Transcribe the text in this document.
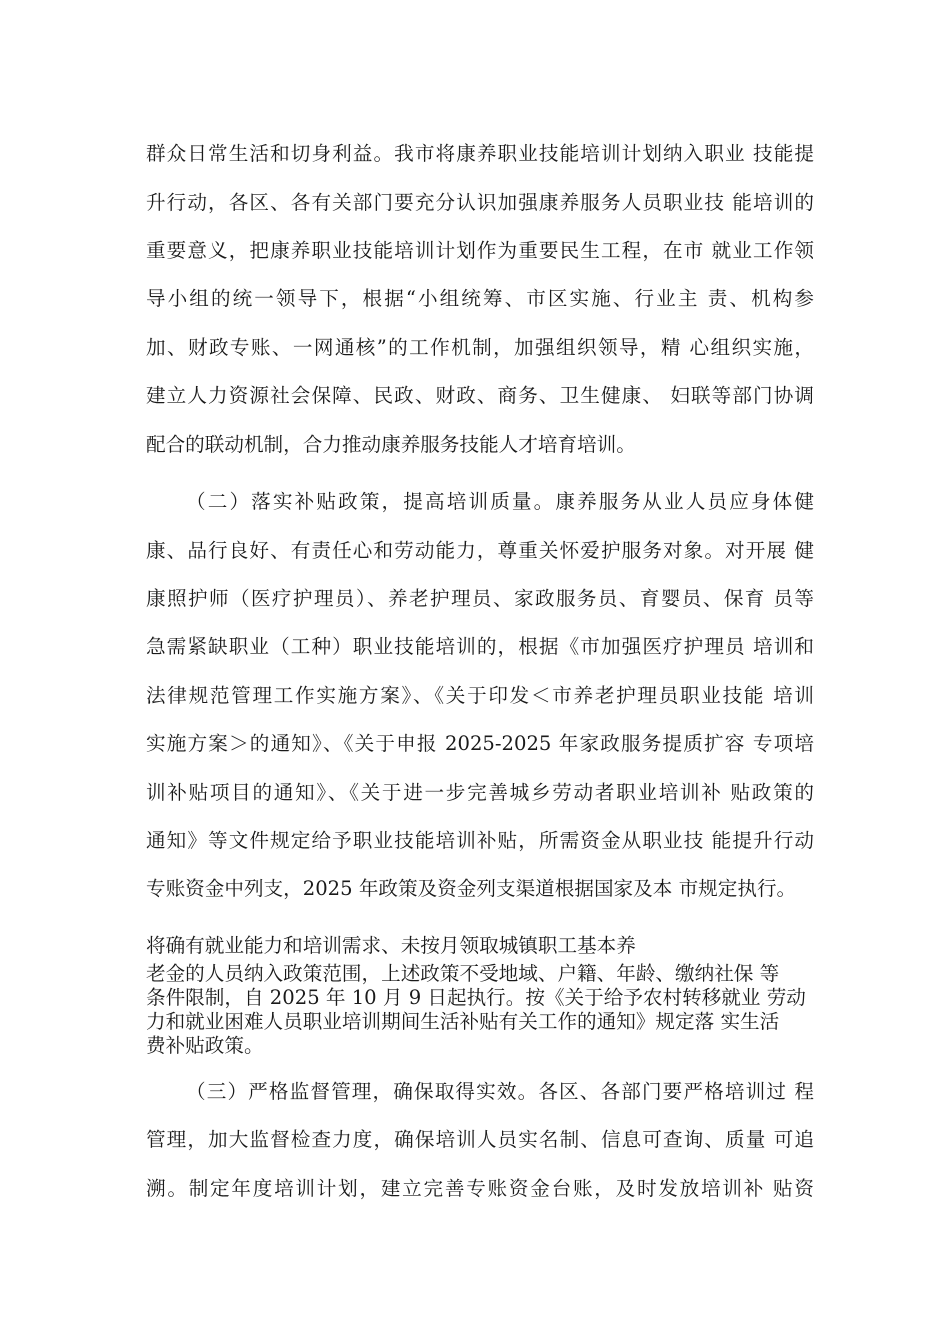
群众日常生活和切身利益。我市将康养职业技能培训计划纳入职业 技能提
升行动，各区、各有关部门要充分认识加强康养服务人员职业技 能培训的
重要意义，把康养职业技能培训计划作为重要民生工程，在市 就业工作领
导小组的统一领导下，根据“小组统筹、市区实施、行业主 责、机构参
加、财政专账、一网通核”的工作机制，加强组织领导，精 心组织实施，
建立人力资源社会保障、民政、财政、商务、卫生健康、 妇联等部门协调
配合的联动机制，合力推动康养服务技能人才培育培训。
（二）落实补贴政策，提高培训质量。康养服务从业人员应身体健
康、品行良好、有责任心和劳动能力，尊重关怀爱护服务对象。对开展 健
康照护师（医疗护理员）、养老护理员、家政服务员、育婴员、保育 员等
急需紧缺职业（工种）职业技能培训的，根据《市加强医疗护理员 培训和
法律规范管理工作实施方案》、《关于印发＜市养老护理员职业技能 培训
实施方案＞的通知》、《关于申报 2025-2025 年家政服务提质扩容 专项培
训补贴项目的通知》、《关于进一步完善城乡劳动者职业培训补 贴政策的
通知》等文件规定给予职业技能培训补贴，所需资金从职业技 能提升行动
专账资金中列支，2025 年政策及资金列支渠道根据国家及本 市规定执行。
将确有就业能力和培训需求、未按月领取城镇职工基本养
老金的人员纳入政策范围，上述政策不受地域、户籍、年龄、缴纳社保 等
条件限制，自 2025 年 10 月 9 日起执行。按《关于给予农村转移就业 劳动
力和就业困难人员职业培训期间生活补贴有关工作的通知》规定落 实生活
费补贴政策。
（三）严格监督管理，确保取得实效。各区、各部门要严格培训过 程
管理，加大监督检查力度，确保培训人员实名制、信息可查询、质量 可追
溯。制定年度培训计划，建立完善专账资金台账，及时发放培训补 贴资
